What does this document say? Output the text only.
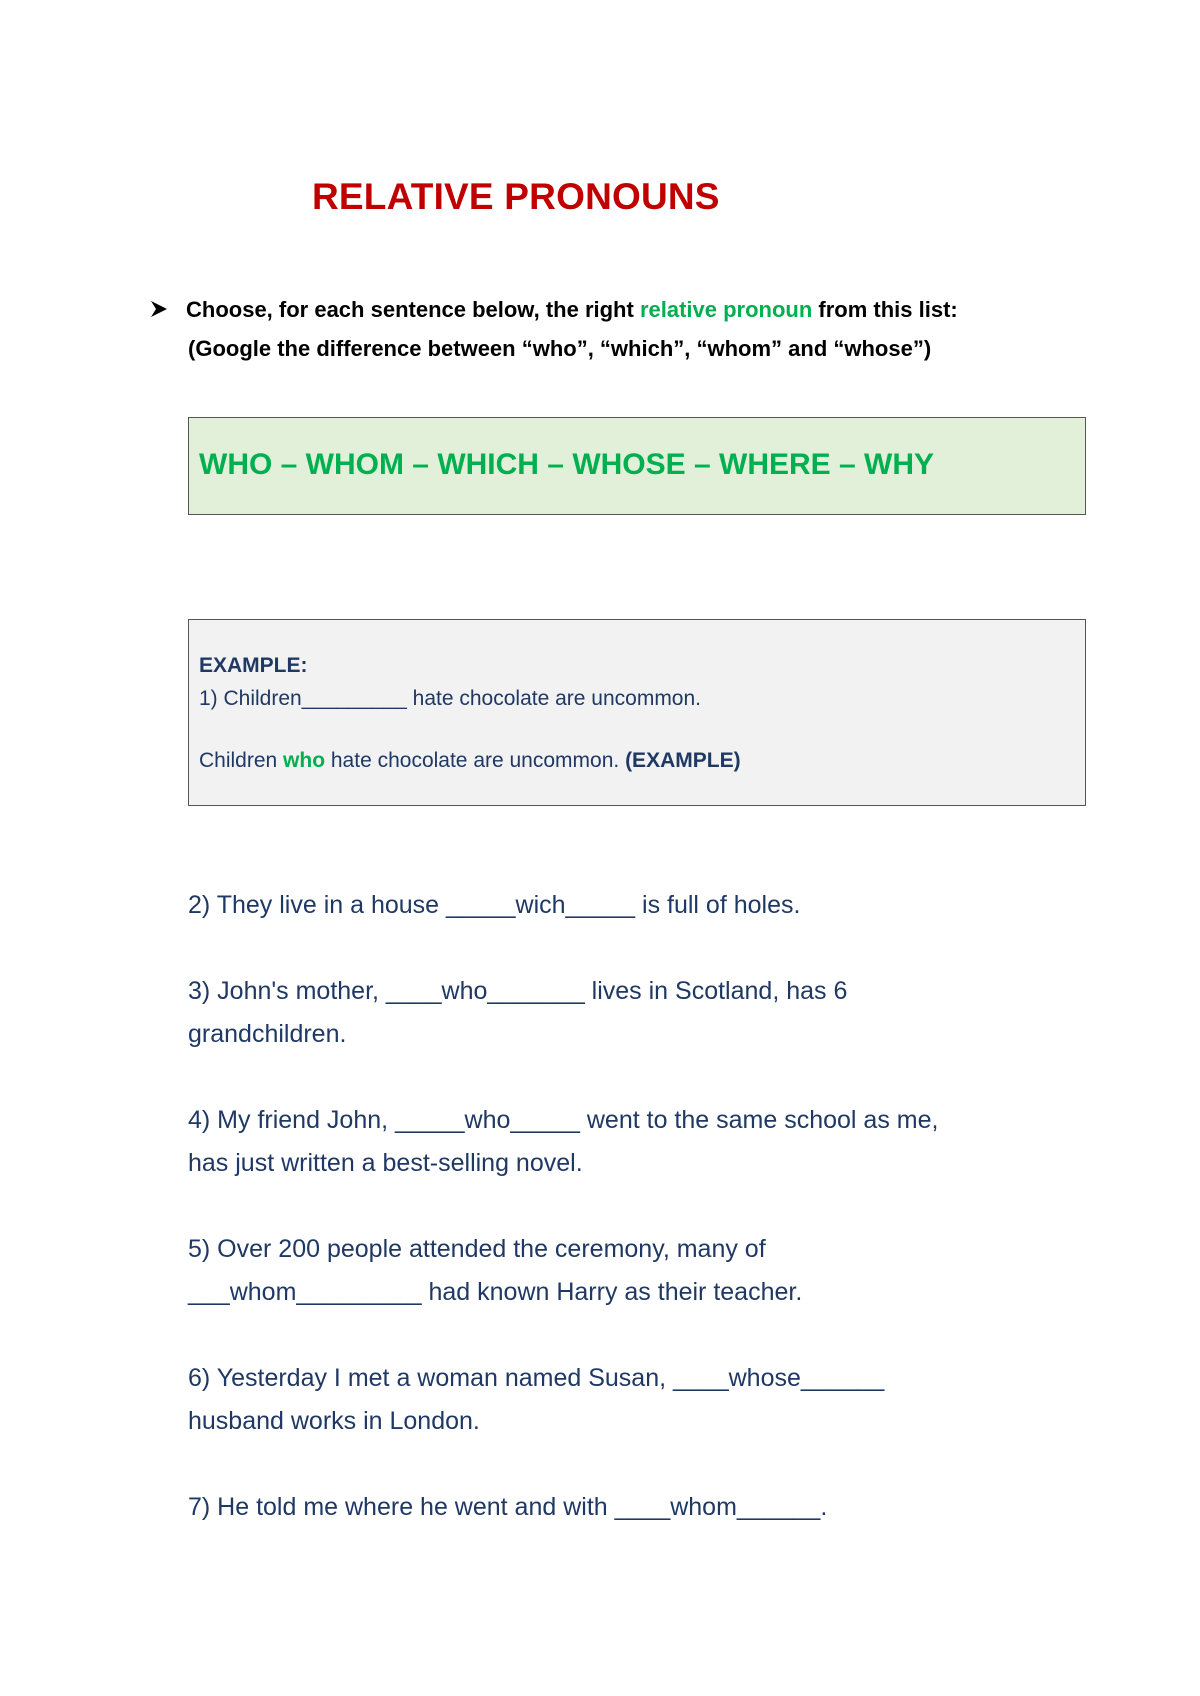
RELATIVE PRONOUNS
Choose, for each sentence below, the right relative pronoun from this list:
(Google the difference between “who”, “which”, “whom” and “whose”)
WHO – WHOM – WHICH – WHOSE – WHERE – WHY
EXAMPLE:
1) Children_________ hate chocolate are uncommon.
Children who hate chocolate are uncommon. (EXAMPLE)
2) They live in a house _____wich_____ is full of holes.
3) John's mother, ____who_______ lives in Scotland, has 6
grandchildren.
4) My friend John, _____who_____ went to the same school as me,
has just written a best-selling novel.
5) Over 200 people attended the ceremony, many of
___whom_________ had known Harry as their teacher.
6) Yesterday I met a woman named Susan, ____whose______
husband works in London.
7) He told me where he went and with ____whom______.
